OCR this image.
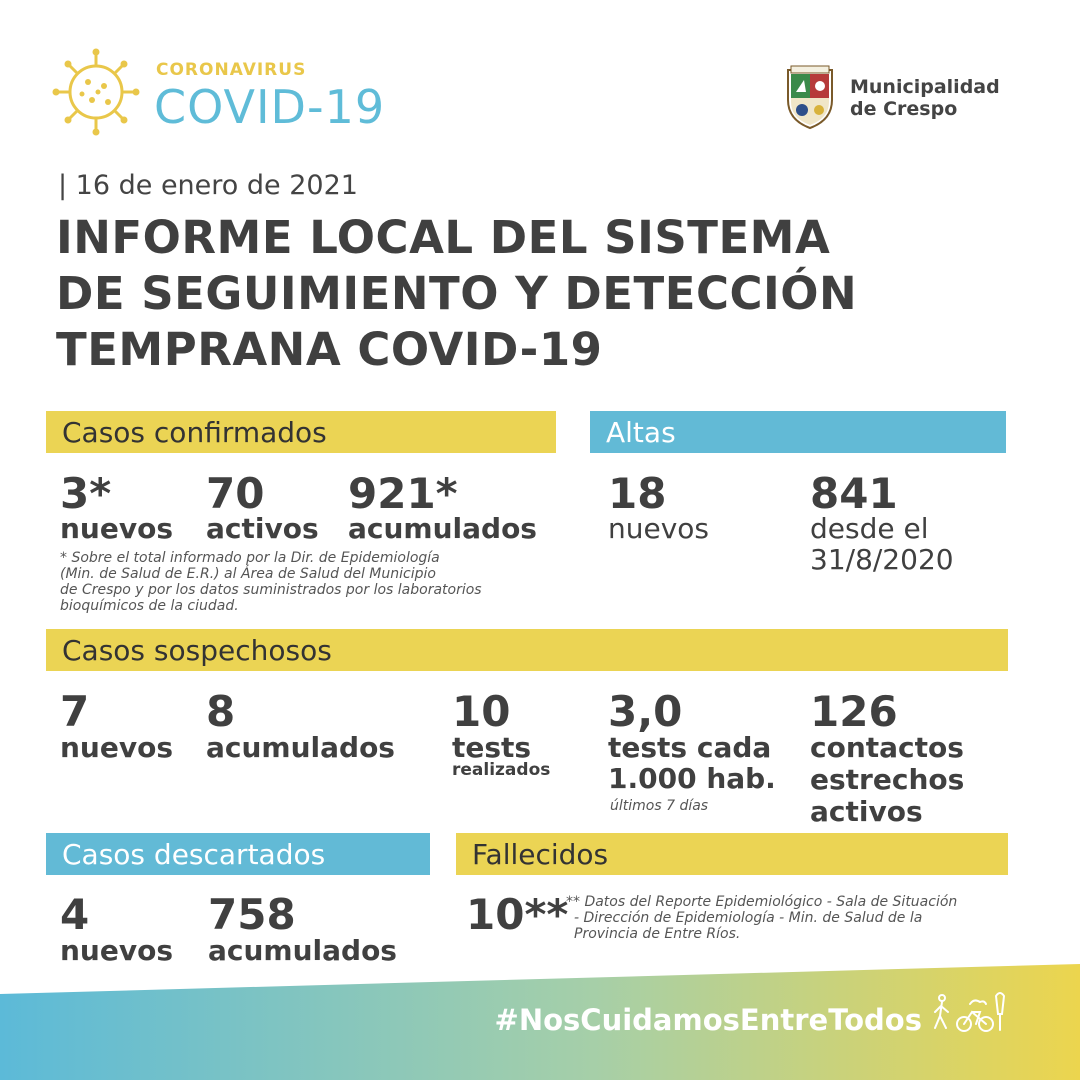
CORONAVIRUS
COVID-19	Municipalidad
de Crespo
| 16 de enero de 2021
INFORME LOCAL DEL SISTEMA
DE SEGUIMIENTO Y DETECCIÓN
TEMPRANA COVID-19
Casos confirmados
3*
nuevos
70
activos
921*
acumulados
* Sobre el total informado por la Dir. de Epidemiología
(Min. de Salud de E.R.) al Área de Salud del Municipio
de Crespo y por los datos suministrados por los laboratorios
bioquímicos de la ciudad.
Altas
18
nuevos
841
desde el
31/8/2020
Casos sospechosos
7
nuevos
8
acumulados
10
tests
realizados
3,0
tests cada
1.000 hab.
últimos 7 días
126
contactos
estrechos
activos
Casos descartados
4
nuevos
758
acumulados
Fallecidos
10**
** Datos del Reporte Epidemiológico - Sala de Situación
- Dirección de Epidemiología - Min. de Salud de la
Provincia de Entre Ríos.
#NosCuidamosEntreTodos
